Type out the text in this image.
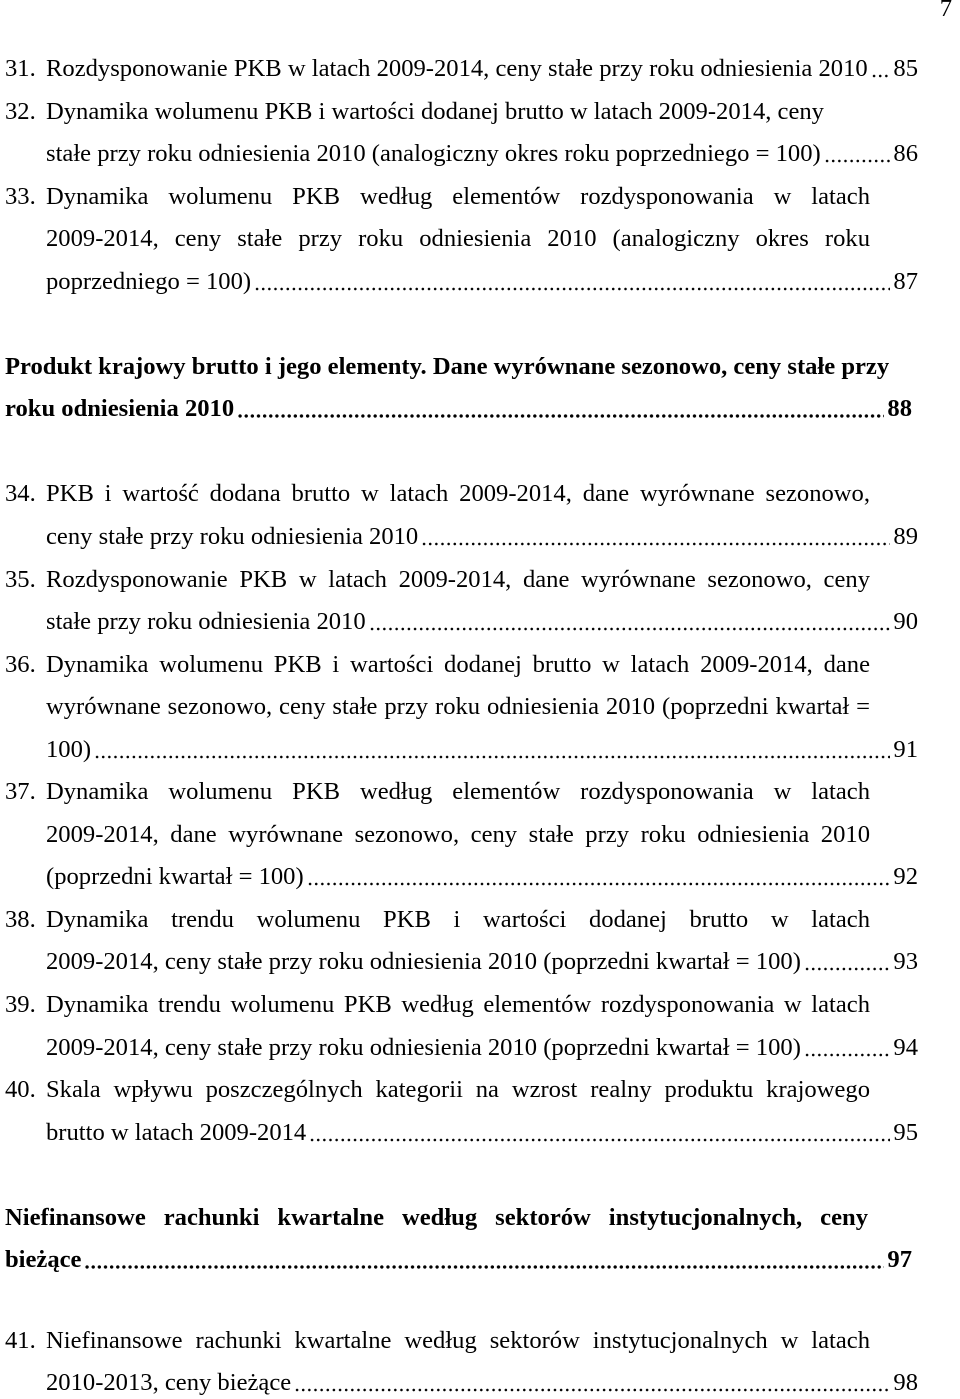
7
31. Rozdysponowanie PKB w latach 2009-2014, ceny stałe przy roku odniesienia 2010 85
32. Dynamika wolumenu PKB i wartości dodanej brutto w latach 2009-2014, ceny
stałe przy roku odniesienia 2010 (analogiczny okres roku poprzedniego = 100)	86
33. Dynamika wolumenu PKB według elementów rozdysponowania w latach
2009-2014, ceny stałe przy roku odniesienia 2010 (analogiczny okres roku
poprzedniego = 100)	87
Produkt krajowy brutto i jego elementy. Dane wyrównane sezonowo, ceny stałe przy
roku odniesienia 2010	88
34. PKB i wartość dodana brutto w latach 2009-2014, dane wyrównane sezonowo,
ceny stałe przy roku odniesienia 2010	89
35. Rozdysponowanie PKB w latach 2009-2014, dane wyrównane sezonowo, ceny
stałe przy roku odniesienia 2010	90
36. Dynamika wolumenu PKB i wartości dodanej brutto w latach 2009-2014, dane
wyrównane sezonowo, ceny stałe przy roku odniesienia 2010 (poprzedni kwartał =
100)	91
37. Dynamika wolumenu PKB według elementów rozdysponowania w latach
2009-2014, dane wyrównane sezonowo, ceny stałe przy roku odniesienia 2010
(poprzedni kwartał = 100)	92
38. Dynamika trendu wolumenu PKB i wartości dodanej brutto w latach
2009-2014, ceny stałe przy roku odniesienia 2010 (poprzedni kwartał = 100)	93
39. Dynamika trendu wolumenu PKB według elementów rozdysponowania w latach
2009-2014, ceny stałe przy roku odniesienia 2010 (poprzedni kwartał = 100)	94
40. Skala wpływu poszczególnych kategorii na wzrost realny produktu krajowego
brutto w latach 2009-2014	95
Niefinansowe rachunki kwartalne według sektorów instytucjonalnych, ceny
bieżące	97
41. Niefinansowe rachunki kwartalne według sektorów instytucjonalnych w latach
2010-2013, ceny bieżące	98
